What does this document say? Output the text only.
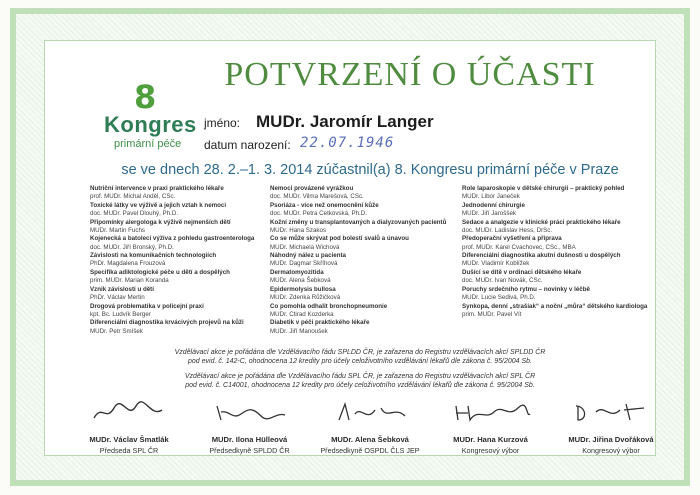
8
Kongres
primární péče
POTVRZENÍ O ÚČASTI
jméno: MUDr. Jaromír Langer
datum narození: 22.07.1946
se ve dnech 28. 2.–1. 3. 2014 zúčastnil(a) 8. Kongresu primární péče v Praze
Nutriční intervence v praxi praktického lékaře
prof. MUDr. Michal Anděl, CSc.
Toxické látky ve výživě a jejich vztah k nemoci
doc. MUDr. Pavel Dlouhý, Ph.D.
Připomínky alergologa k výživě nejmenších dětí
MUDr. Martin Fuchs
Kojenecká a batolecí výživa z pohledu gastroenterologa
doc. MUDr. Jiří Bronský, Ph.D.
Závislosti na komunikačních technologiích
PhDr. Magdalena Frouzová
Specifika adiktologické péče u dětí a dospělých
prim. MUDr. Marian Koranda
Vznik závislosti u dětí
PhDr. Václav Mertin
Drogová problematika v policejní praxi
kpt. Bc. Ludvík Berger
Diferenciální diagnostika krvácivých projevů na kůži
MUDr. Petr Smíšek
Nemoci provázené vyrážkou
doc. MUDr. Vilma Marešová, CSc.
Psoriáza - více než onemocnění kůže
doc. MUDr. Petra Cetkovská, Ph.D.
Kožní změny u transplantovaných a dialyzovaných pacientů
MUDr. Hana Szakos
Co se může skrývat pod bolestí svalů a únavou
MUDr. Michaela Wichová
Náhodný nález u pacienta
MUDr. Dagmar Skříhová
Dermatomyozitida
MUDr. Alena Šebková
Epidermolysis bullosa
MUDr. Zdenka Růžičková
Co pomohla odhalit bronchopneumonie
MUDr. Ctirad Kozderka
Diabetik v péči praktického lékaře
MUDr. Jiří Manoušek
Role laparoskopie v dětské chirurgii – praktický pohled
MUDr. Libor Janeček
Jednodenní chirurgie
MUDr. Jiří Jaroššek
Sedace a analgezie v klinické práci praktického lékaře
doc. MUDr. Ladislav Hess, DrSc.
Předoperační vyšetření a příprava
prof. MUDr. Karel Cvachovec, CSc., MBA
Diferenciální diagnostika akutní dušnosti u dospělých
MUDr. Vladimír Koblížek
Dušící se dítě v ordinaci dětského lékaře
doc. MUDr. Ivan Novák, CSc.
Poruchy srdečního rytmu – novinky v léčbě
MUDr. Lucie Sedivá, Ph.D.
Synkopa, denní „strašíak“ a noční „můra“ dětského kardiologa
prim. MUDr. Pavel Vít
Vzdělávací akce je pořádána dle Vzdělávacího řádu SPLDD ČR, je zařazena do Registru vzdělávacích akcí SPLDD ČR
pod evid. č. 142-C, ohodnocena 12 kredity pro účely celoživotního vzdělávání lékařů dle zákona č. 95/2004 Sb.
Vzdělávací akce je pořádána dle Vzdělávacího řádu SPL ČR, je zařazena do Registru vzdělávacích akcí SPL ČR
pod evid. č. C14001, ohodnocena 12 kredity pro účely celoživotního vzdělávání lékařů dle zákona č. 95/2004 Sb.
MUDr. Václav Šmatlák
Předseda SPL ČR
MUDr. Ilona Hülleová
Předsedkyně SPLDD ČR
MUDr. Alena Šebková
Předsedkyně OSPDL ČLS JEP
MUDr. Hana Kurzová
Kongresový výbor
MUDr. Jiřina Dvořáková
Kongresový výbor
